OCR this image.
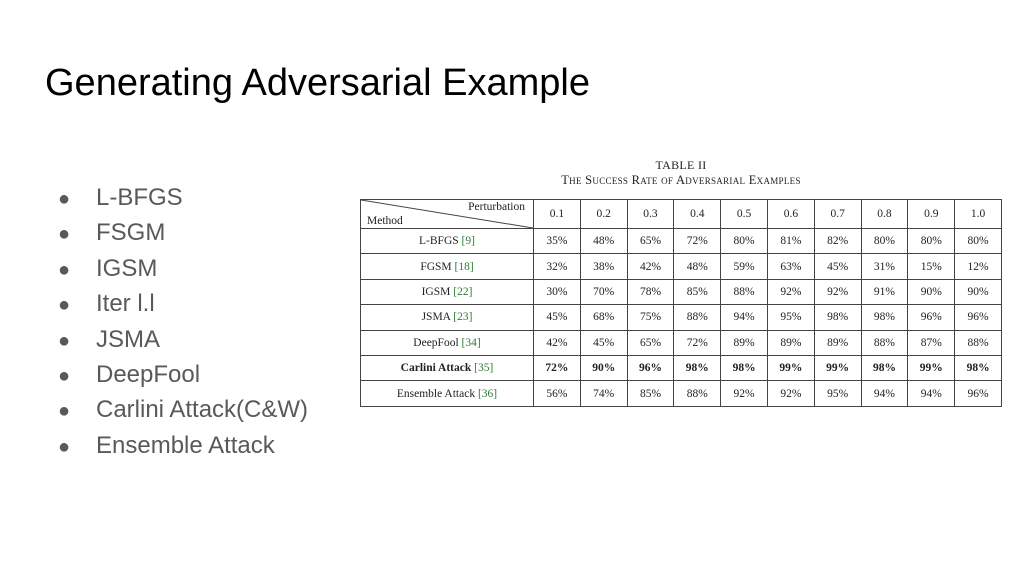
Generating Adversarial Example
● L-BFGS
● FSGM
● IGSM
● Iter l.l
● JSMA
● DeepFool
● Carlini Attack(C&W)
● Ensemble Attack
TABLE II
The Success Rate of Adversarial Examples
Perturbation
Method	0.1	0.2	0.3	0.4	0.5	0.6	0.7	0.8	0.9	1.0
L-BFGS [9]	35%	48%	65%	72%	80%	81%	82%	80%	80%	80%
FGSM [18]	32%	38%	42%	48%	59%	63%	45%	31%	15%	12%
IGSM [22]	30%	70%	78%	85%	88%	92%	92%	91%	90%	90%
JSMA [23]	45%	68%	75%	88%	94%	95%	98%	98%	96%	96%
DeepFool [34]	42%	45%	65%	72%	89%	89%	89%	88%	87%	88%
Carlini Attack [35]	72%	90%	96%	98%	98%	99%	99%	98%	99%	98%
Ensemble Attack [36]	56%	74%	85%	88%	92%	92%	95%	94%	94%	96%
